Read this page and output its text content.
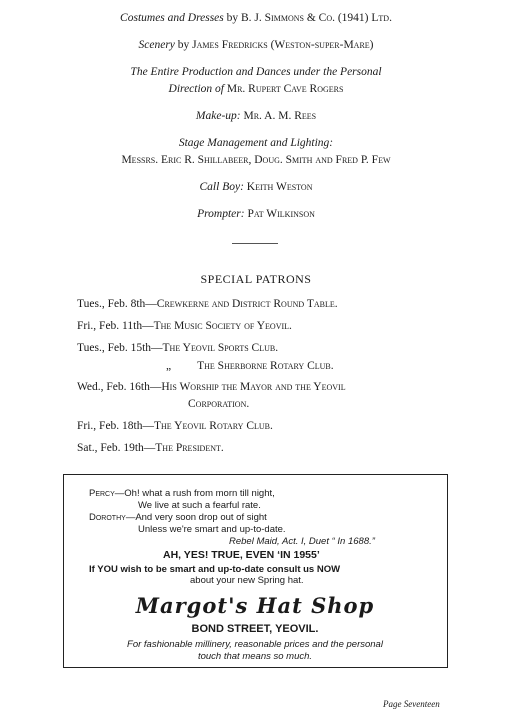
Costumes and Dresses by B. J. Simmons & Co. (1941) Ltd.
Scenery by James Fredricks (Weston-super-Mare)
The Entire Production and Dances under the Personal
Direction of Mr. Rupert Cave Rogers
Make-up: Mr. A. M. Rees
Stage Management and Lighting:
Messrs. Eric R. Shillabeer, Doug. Smith and Fred P. Few
Call Boy: Keith Weston
Prompter: Pat Wilkinson
SPECIAL PATRONS
Tues., Feb. 8th—Crewkerne and District Round Table.
Fri., Feb. 11th—The Music Society of Yeovil.
Tues., Feb. 15th—The Yeovil Sports Club.
„ The Sherborne Rotary Club.
Wed., Feb. 16th—His Worship the Mayor and the Yeovil
Corporation.
Fri., Feb. 18th—The Yeovil Rotary Club.
Sat., Feb. 19th—The President.
Percy—Oh! what a rush from morn till night,
We live at such a fearful rate.
Dorothy—And very soon drop out of sight
Unless we're smart and up-to-date.
Rebel Maid, Act. I, Duet “ In 1688.”
AH, YES! TRUE, EVEN ‘IN 1955’
If YOU wish to be smart and up-to-date consult us NOW
about your new Spring hat.
Margot's Hat Shop
BOND STREET, YEOVIL.
For fashionable millinery, reasonable prices and the personal
touch that means so much.
Page Seventeen
